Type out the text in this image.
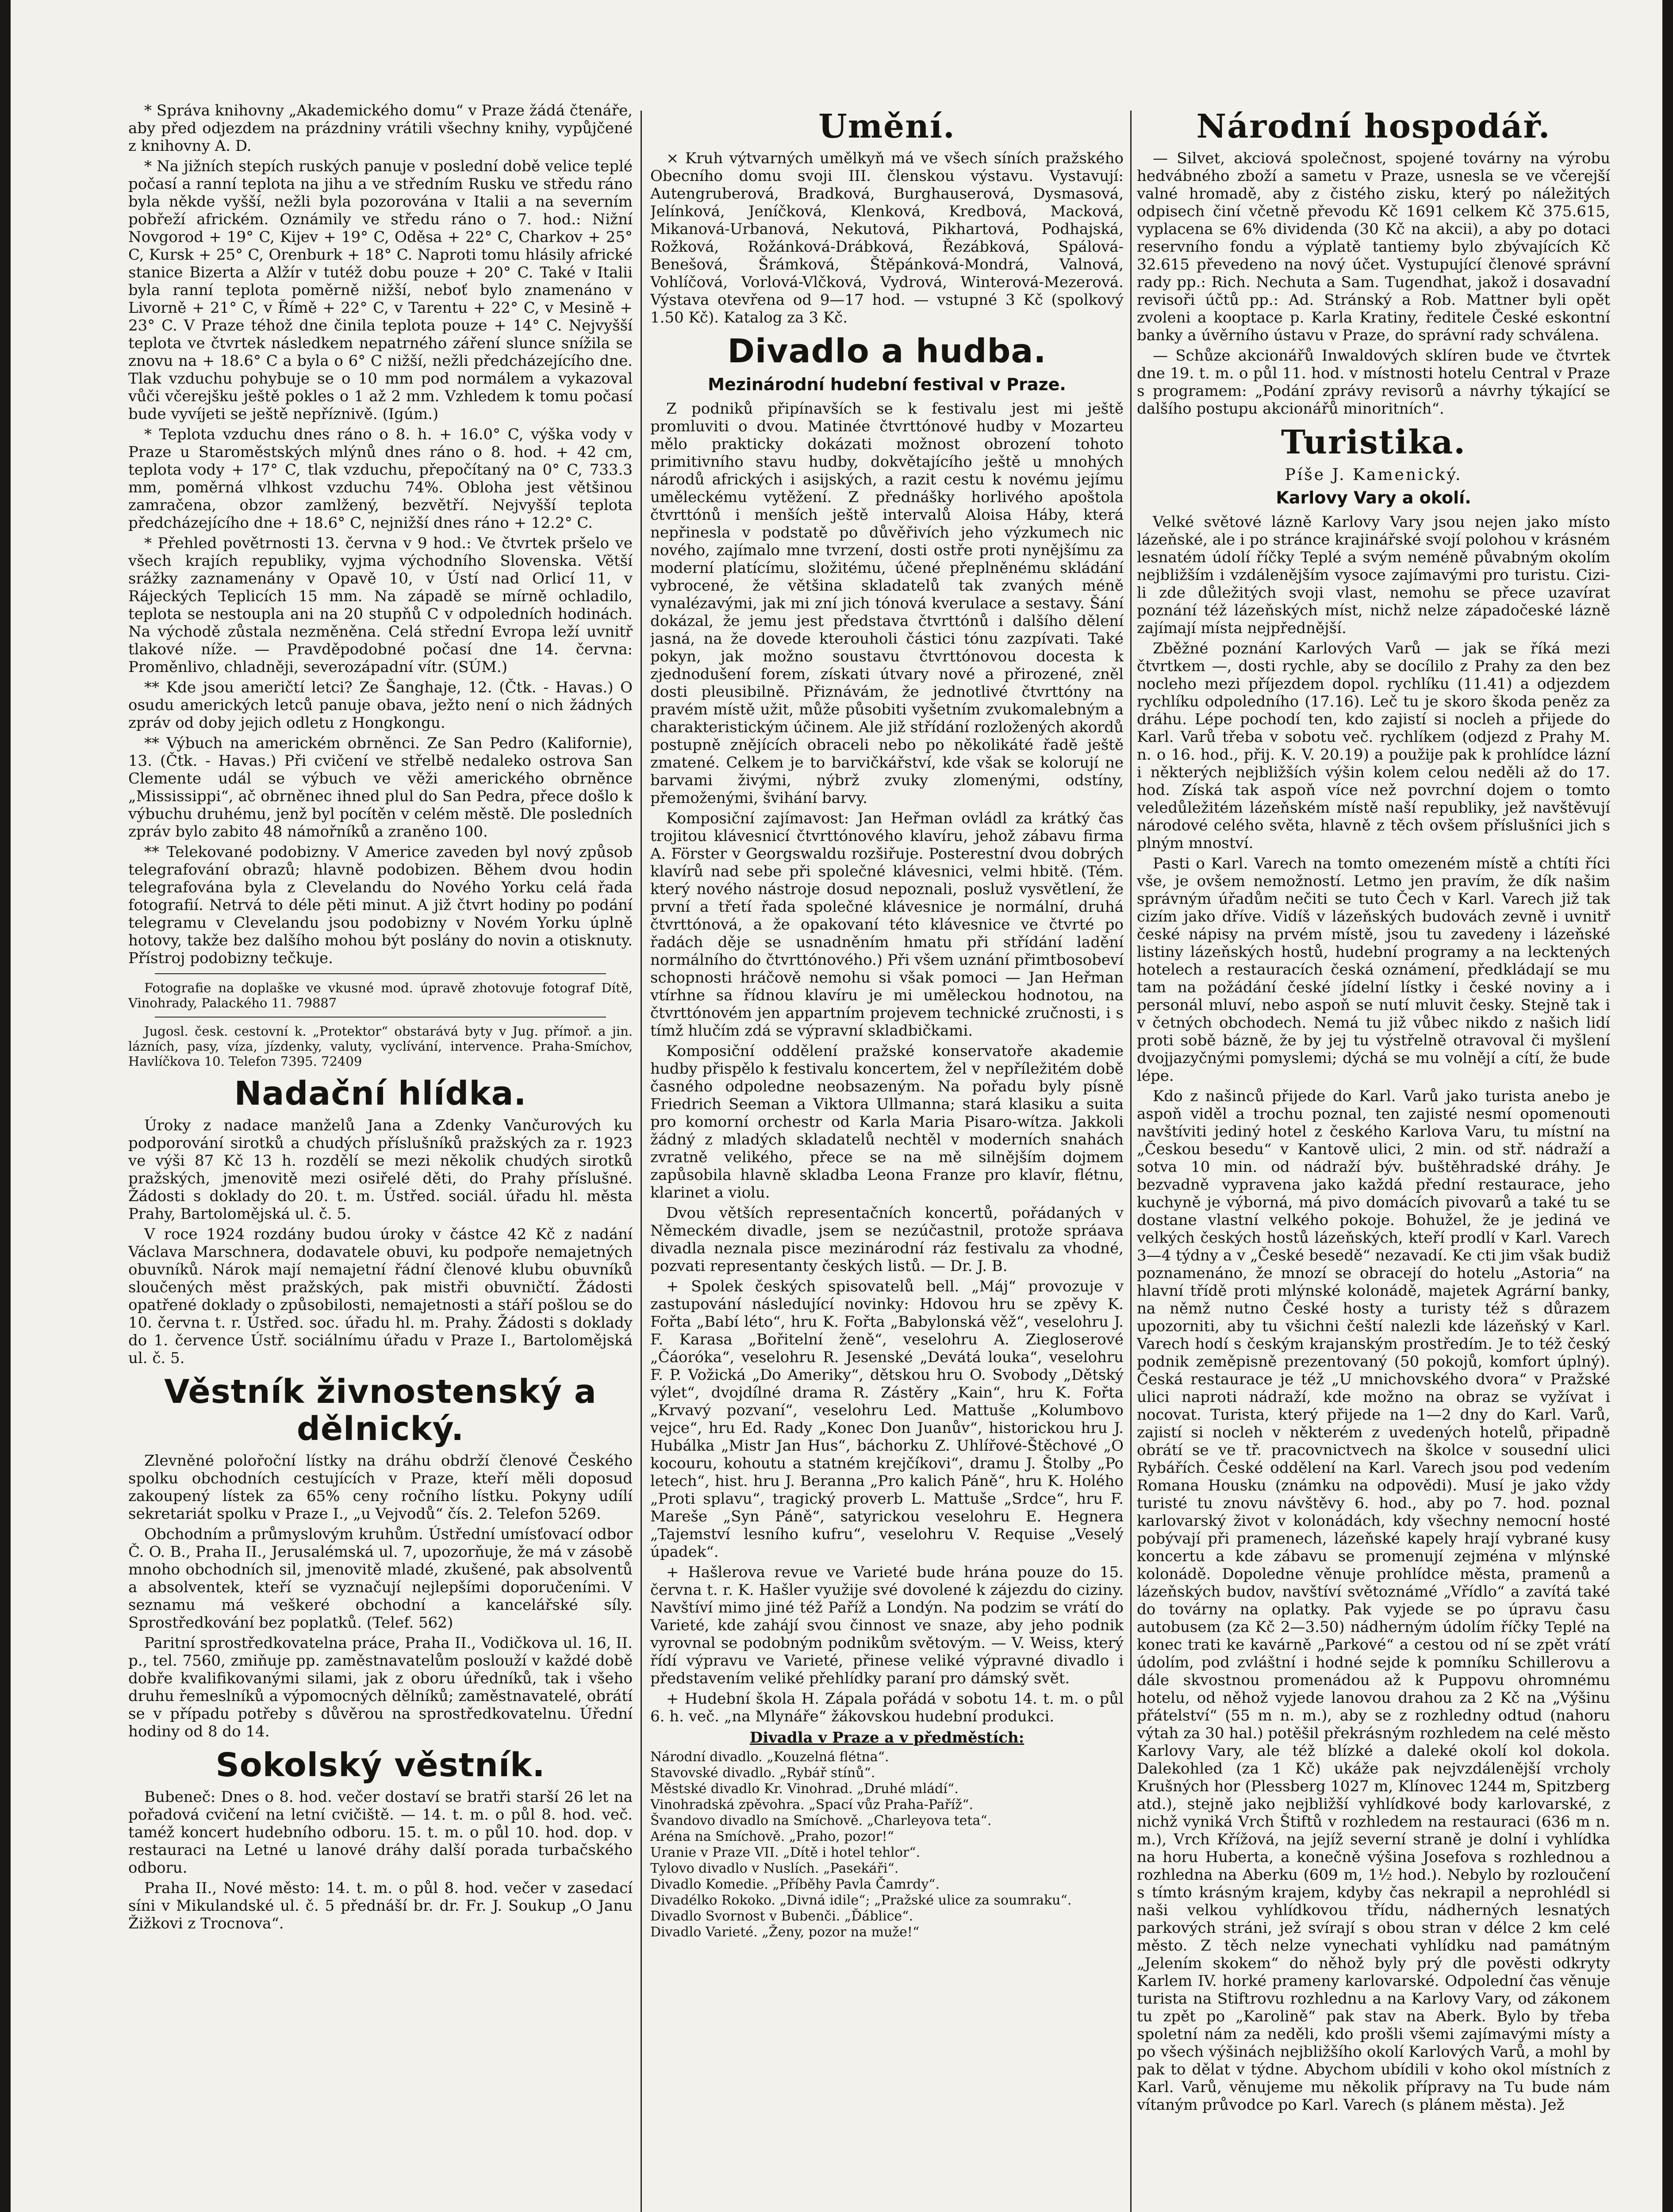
* Správa knihovny „Akademického domu“ v Praze žádá čtenáře, aby před odjezdem na prázdniny vrátili všechny knihy, vypůjčené z knihovny A. D.

* Na jižních stepích ruských panuje v poslední době velice teplé počasí a ranní teplota na jihu a ve středním Rusku ve středu ráno byla někde vyšší, nežli byla pozorována v Italii a na severním pobřeží africkém. Oznámily ve středu ráno o 7. hod.: Nižní Novgorod + 19° C, Kijev + 19° C, Oděsa + 22° C, Charkov + 25° C, Kursk + 25° C, Orenburk + 18° C. Naproti tomu hlásily africké stanice Bizerta a Alžír v tutéž dobu pouze + 20° C. Také v Italii byla ranní teplota poměrně nižší, neboť bylo znamenáno v Livorně + 21° C, v Římě + 22° C, v Tarentu + 22° C, v Mesině + 23° C. V Praze téhož dne činila teplota pouze + 14° C. Nejvyšší teplota ve čtvrtek následkem nepatrného záření slunce snížila se znovu na + 18.6° C a byla o 6° C nižší, nežli předcházejícího dne. Tlak vzduchu pohybuje se o 10 mm pod normálem a vykazoval vůči včerejšku ještě pokles o 1 až 2 mm. Vzhledem k tomu počasí bude vyvíjeti se ještě nepříznivě. (Igúm.)

* Teplota vzduchu dnes ráno o 8. h. + 16.0° C, výška vody v Praze u Staroměstských mlýnů dnes ráno o 8. hod. + 42 cm, teplota vody + 17° C, tlak vzduchu, přepočítaný na 0° C, 733.3 mm, poměrná vlhkost vzduchu 74%. Obloha jest většinou zamračena, obzor zamlžený, bezvětří. Nejvyšší teplota předcházejícího dne + 18.6° C, nejnižší dnes ráno + 12.2° C.

* Přehled povětrnosti 13. června v 9 hod.: Ve čtvrtek pršelo ve všech krajích republiky, vyjma východního Slovenska. Větší srážky zaznamenány v Opavě 10, v Ústí nad Orlicí 11, v Rájeckých Teplicích 15 mm. Na západě se mírně ochladilo, teplota se nestoupla ani na 20 stupňů C v odpoledních hodinách. Na východě zůstala nezměněna. Celá střední Evropa leží uvnitř tlakové níže. — Pravděpodobné počasí dne 14. června: Proměnlivo, chladněji, severozápadní vítr. (SÚM.)

** Kde jsou američtí letci? Ze Šanghaje, 12. (Čtk. - Havas.) O osudu amerických letců panuje obava, ježto není o nich žádných zpráv od doby jejich odletu z Hongkongu.

** Výbuch na americkém obrněnci. Ze San Pedro (Kalifornie), 13. (Čtk. - Havas.) Při cvičení ve střelbě nedaleko ostrova San Clemente udál se výbuch ve věži amerického obrněnce „Mississippi“, ač obrněnec ihned plul do San Pedra, přece došlo k výbuchu druhému, jenž byl pocítěn v celém městě. Dle posledních zpráv bylo zabito 48 námořníků a zraněno 100.

** Telekované podobizny. V Americe zaveden byl nový způsob telegrafování obrazů; hlavně podobizen. Během dvou hodin telegrafována byla z Clevelandu do Nového Yorku celá řada fotografií. Netrvá to déle pěti minut. A již čtvrt hodiny po podání telegramu v Clevelandu jsou podobizny v Novém Yorku úplně hotovy, takže bez dalšího mohou být poslány do novin a otisknuty. Přístroj podobizny tečkuje.

Fotografie na doplaške ve vkusné mod. úpravě zhotovuje fotograf Dítě, Vinohrady, Palackého 11. 79887

Jugosl. česk. cestovní k. „Protektor“ obstarává byty v Jug. přímoř. a jin. lázních, pasy, víza, jízdenky, valuty, vyclívání, intervence. Praha-Smíchov, Havlíčkova 10. Telefon 7395. 72409

Nadační hlídka.

Úroky z nadace manželů Jana a Zdenky Vančurových ku podporování sirotků a chudých příslušníků pražských za r. 1923 ve výši 87 Kč 13 h. rozdělí se mezi několik chudých sirotků pražských, jmenovitě mezi osiřelé děti, do Prahy příslušné. Žádosti s doklady do 20. t. m. Ústřed. sociál. úřadu hl. města Prahy, Bartolomějská ul. č. 5.

V roce 1924 rozdány budou úroky v částce 42 Kč z nadání Václava Marschnera, dodavatele obuvi, ku podpoře nemajetných obuvníků. Nárok mají nemajetní řádní členové klubu obuvníků sloučených měst pražských, pak mistři obuvničtí. Žádosti opatřené doklady o způsobilosti, nemajetnosti a stáří pošlou se do 10. června t. r. Ústřed. soc. úřadu hl. m. Prahy. Žádosti s doklady do 1. července Ústř. sociálnímu úřadu v Praze I., Bartolomějská ul. č. 5.

Věstník živnostenský a dělnický.

Zlevněné polořoční lístky na dráhu obdrží členové Českého spolku obchodních cestujících v Praze, kteří měli doposud zakoupený lístek za 65% ceny ročního lístku. Pokyny udílí sekretariát spolku v Praze I., „u Vejvodů“ čís. 2. Telefon 5269.

Obchodním a průmyslovým kruhům. Ústřední umísťovací odbor Č. O. B., Praha II., Jerusalémská ul. 7, upozorňuje, že má v zásobě mnoho obchodních sil, jmenovitě mladé, zkušené, pak absolventů a absolventek, kteří se vyznačují nejlepšími doporučeními. V seznamu má veškeré obchodní a kancelářské síly. Sprostředkování bez poplatků. (Telef. 562)

Paritní sprostředkovatelna práce, Praha II., Vodičkova ul. 16, II. p., tel. 7560, zmiňuje pp. zaměstnavatelům poslouží v každé době dobře kvalifikovanými silami, jak z oboru úředníků, tak i všeho druhu řemeslníků a výpomocných dělníků; zaměstnavatelé, obrátí se v případu potřeby s důvěrou na sprostředkovatelnu. Úřední hodiny od 8 do 14.

Sokolský věstník.

Bubeneč: Dnes o 8. hod. večer dostaví se bratři starší 26 let na pořadová cvičení na letní cvičiště. — 14. t. m. o půl 8. hod. več. taméž koncert hudebního odboru. 15. t. m. o půl 10. hod. dop. v restauraci na Letné u lanové dráhy další porada turbačského odboru.

Praha II., Nové město: 14. t. m. o půl 8. hod. večer v zasedací síni v Mikulandské ul. č. 5 přednáší br. dr. Fr. J. Soukup „O Janu Žižkovi z Trocnova“.

Umění.

× Kruh výtvarných umělkyň má ve všech síních pražského Obecního domu svoji III. členskou výstavu. Vystavují: Autengruberová, Bradková, Burghauserová, Dysmasová, Jelínková, Jeníčková, Klenková, Kredbová, Macková, Mikanová-Urbanová, Nekutová, Pikhartová, Podhajská, Rožková, Rožánková-Drábková, Řezábková, Spálová-Benešová, Šrámková, Štěpánková-Mondrá, Valnová, Vohlíčová, Vorlová-Vlčková, Vydrová, Winterová-Mezerová. Výstava otevřena od 9—17 hod. — vstupné 3 Kč (spolkový 1.50 Kč). Katalog za 3 Kč.

Divadlo a hudba.
Mezinárodní hudební festival v Praze.

Z podniků připínavších se k festivalu jest mi ještě promluviti o dvou. Matinée čtvrttónové hudby v Mozarteu mělo prakticky dokázati možnost obrození tohoto primitivního stavu hudby, dokvětajícího ještě u mnohých národů afrických i asijských, a razit cestu k novému jejímu uměleckému vytěžení. Z přednášky horlivého apoštola čtvrttónů i menších ještě intervalů Aloisa Háby, která nepřinesla v podstatě po důvěřivích jeho výzkumech nic nového, zajímalo mne tvrzení, dosti ostře proti nynějšímu za moderní platícímu, složitému, účené přeplněnému skládání vybrocené, že většina skladatelů tak zvaných méně vynalézavými, jak mi zní jich tónová kverulace a sestavy. Šání dokázal, že jemu jest představa čtvrttónů i dalšího dělení jasná, na že dovede kterouholi částici tónu zazpívati. Také pokyn, jak možno soustavu čtvrttónovou docesta k zjednodušení forem, získati útvary nové a přirozené, zněl dosti pleusibilně. Přiznávám, že jednotlivé čtvrttóny na pravém místě užit, může působiti vyšetním zvukomalebným a charakteristickým účinem. Ale již střídání rozložených akordů postupně znějících obraceli nebo po několikáté řadě ještě zmatené. Celkem je to barvičkářství, kde však se kolorují ne barvami živými, nýbrž zvuky zlomenými, odstíny, přemoženými, švihání barvy.

Komposiční zajímavost: Jan Heřman ovládl za krátký čas trojitou klávesnicí čtvrttónového klavíru, jehož zábavu firma A. Förster v Georgswaldu rozšiřuje. Posterestní dvou dobrých klavírů nad sebe při společné klávesnici, velmi hbitě. (Tém. který nového nástroje dosud nepoznali, posluž vysvětlení, že první a třetí řada společné klávesnice je normální, druhá čtvrttónová, a že opakovaní této klávesnice ve čtvrté po řadách děje se usnadněním hmatu při střídání ladění normálního do čtvrttónového.) Při všem uznání přimtbosobeví schopnosti hráčově nemohu si však pomoci — Jan Heřman vtírhne sa řídnou klavíru je mi uměleckou hodnotou, na čtvrttónovém jen appartním projevem technické zručnosti, i s tímž hlučím zdá se výpravní skladbičkami.

Komposiční oddělení pražské konservatoře akademie hudby přispělo k festivalu koncertem, žel v nepříležitém době časného odpoledne neobsazeným. Na pořadu byly písně Friedrich Seeman a Viktora Ullmanna; stará klasiku a suita pro komorní orchestr od Karla Maria Pisaro-wítza. Jakkoli žádný z mladých skladatelů nechtěl v moderních snahách zvratně velikého, přece se na mě silnějším dojmem zapůsobila hlavně skladba Leona Franze pro klavír, flétnu, klarinet a violu.

Dvou větších representačních koncertů, pořádaných v Německém divadle, jsem se nezúčastnil, protože spráava divadla neznala pisce mezinárodní ráz festivalu za vhodné, pozvati representanty českých listů. — Dr. J. B.

+ Spolek českých spisovatelů bell. „Máj“ provozuje v zastupování následující novinky: Hdovou hru se zpěvy K. Fořta „Babí léto“, hru K. Fořta „Babylonská věž“, veselohru J. F. Karasa „Bořitelní ženě“, veselohru A. Ziegloserové „Čáoróka“, veselohru R. Jesenské „Devátá louka“, veselohru F. P. Vožická „Do Ameriky“, dětskou hru O. Svobody „Dětský výlet“, dvojdílné drama R. Zástěry „Kain“, hru K. Fořta „Krvavý pozvaní“, veselohru Led. Mattuše „Kolumbovo vejce“, hru Ed. Rady „Konec Don Juanův“, historickou hru J. Hubálka „Mistr Jan Hus“, báchorku Z. Uhlířové-Štěchové „O kocouru, kohoutu a statném krejčíkovi“, dramu J. Štolby „Po letech“, hist. hru J. Beranna „Pro kalich Páně“, hru K. Holého „Proti splavu“, tragický proverb L. Mattuše „Srdce“, hru F. Mareše „Syn Páně“, satyrickou veselohru E. Hegnera „Tajemství lesního kufru“, veselohru V. Requise „Veselý úpadek“.

+ Hašlerova revue ve Varieté bude hrána pouze do 15. června t. r. K. Hašler využije své dovolené k zájezdu do ciziny. Navštíví mimo jiné též Paříž a Londýn. Na podzim se vrátí do Varieté, kde zahájí svou činnost ve snaze, aby jeho podnik vyrovnal se podobným podnikům světovým. — V. Weiss, který řídí výpravu ve Varieté, přinese veliké výpravné divadlo i představením veliké přehlídky paraní pro dámský svět.

+ Hudební škola H. Zápala pořádá v sobotu 14. t. m. o půl 6. h. več. „na Mlynáře“ žákovskou hudební produkci.

Divadla v Praze a v předměstích:

Národní divadlo. „Kouzelná flétna“.

Stavovské divadlo. „Rybář stínů“.

Městské divadlo Kr. Vinohrad. „Druhé mládí“.

Vinohradská zpěvohra. „Spací vůz Praha-Paříž“.

Švandovo divadlo na Smíchově. „Charleyova teta“.

Aréna na Smíchově. „Praho, pozor!“

Uranie v Praze VII. „Dítě i hotel tehlor“.

Tylovo divadlo v Nuslích. „Pasekáři“.

Divadlo Komedie. „Příběhy Pavla Čamrdy“.

Divadélko Rokoko. „Divná idile“; „Pražské ulice za soumraku“.

Divadlo Svornost v Bubenči. „Ďáblice“.

Divadlo Varieté. „Ženy, pozor na muže!“

Národní hospodář.

— Silvet, akciová společnost, spojené továrny na výrobu hedvábného zboží a sametu v Praze, usnesla se ve včerejší valné hromadě, aby z čistého zisku, který po náležitých odpisech činí včetně převodu Kč 1691 celkem Kč 375.615, vyplacena se 6% dividenda (30 Kč na akcii), a aby po dotaci reservního fondu a výplatě tantiemy bylo zbývajících Kč 32.615 převedeno na nový účet. Vystupující členové správní rady pp.: Rich. Nechuta a Sam. Tugendhat, jakož i dosavadní revisoři účtů pp.: Ad. Stránský a Rob. Mattner byli opět zvoleni a kooptace p. Karla Kratiny, ředitele České eskontní banky a úvěrního ústavu v Praze, do správní rady schválena.

— Schůze akcionářů Inwaldových sklíren bude ve čtvrtek dne 19. t. m. o půl 11. hod. v místnosti hotelu Central v Praze s programem: „Podání zprávy revisorů a návrhy týkající se dalšího postupu akcionářů minoritních“.

Turistika.
Píše J. Kamenický.
Karlovy Vary a okolí.

Velké světové lázně Karlovy Vary jsou nejen jako místo lázeňské, ale i po stránce krajinářské svojí polohou v krásném lesnatém údolí říčky Teplé a svým neméně půvabným okolím nejbližším i vzdálenějším vysoce zajímavými pro turistu. Cizi-li zde důležitých svoji vlast, nemohu se přece uzavírat poznání též lázeňských míst, nichž nelze západočeské lázně zajímají místa nejpřednější.

Zběžné poznání Karlových Varů — jak se říká mezi čtvrtkem —, dosti rychle, aby se docílilo z Prahy za den bez nocleho mezi příjezdem dopol. rychlíku (11.41) a odjezdem rychlíku odpoledního (17.16). Leč tu je skoro škoda peněz za dráhu. Lépe pochodí ten, kdo zajistí si nocleh a přijede do Karl. Varů třeba v sobotu več. rychlíkem (odjezd z Prahy M. n. o 16. hod., přij. K. V. 20.19) a použije pak k prohlídce lázní i některých nejbližších výšin kolem celou neděli až do 17. hod. Získá tak aspoň více než povrchní dojem o tomto veledůležitém lázeňském místě naší republiky, jež navštěvují národové celého světa, hlavně z těch ovšem příslušníci jich s plným mnoství.

Pasti o Karl. Varech na tomto omezeném místě a chtíti říci vše, je ovšem nemožností. Letmo jen pravím, že dík našim správným úřadům nečiti se tuto Čech v Karl. Varech již tak cizím jako dříve. Vidíš v lázeňských budovách zevně i uvnitř české nápisy na prvém místě, jsou tu zavedeny i lázeňské listiny lázeňských hostů, hudební programy a na lecktených hotelech a restauracích česká oznámení, předkládají se mu tam na požádání české jídelní lístky i české noviny a i personál mluví, nebo aspoň se nutí mluvit česky. Stejně tak i v četných obchodech. Nemá tu již vůbec nikdo z našich lidí proti sobě bázně, že by jej tu výstřelně otravoval či myšlení dvojjazyčnými pomyslemi; dýchá se mu volnějí a cítí, že bude lépe.

Kdo z našinců přijede do Karl. Varů jako turista anebo je aspoň viděl a trochu poznal, ten zajisté nesmí opomenouti navštíviti jediný hotel z českého Karlova Varu, tu místní na „Českou besedu“ v Kantově ulici, 2 min. od stř. nádraží a sotva 10 min. od nádraží býv. buštěhradské dráhy. Je bezvadně vypravena jako každá přední restaurace, jeho kuchyně je výborná, má pivo domácích pivovarů a také tu se dostane vlastní velkého pokoje. Bohužel, že je jediná ve velkých českých hostů lázeňských, kteří prodlí v Karl. Varech 3—4 týdny a v „České besedě“ nezavadí. Ke cti jim však budiž poznamenáno, že mnozí se obracejí do hotelu „Astoria“ na hlavní třídě proti mlýnské kolonádě, majetek Agrární banky, na němž nutno České hosty a turisty též s důrazem upozorniti, aby tu všichni čeští nalezli kde lázeňský v Karl. Varech hodí s českým krajanským prostředím. Je to též český podnik zeměpisně prezentovaný (50 pokojů, komfort úplný). Česká restaurace je též „U mnichovského dvora“ v Pražské ulici naproti nádraží, kde možno na obraz se vyžívat i nocovat. Turista, který přijede na 1—2 dny do Karl. Varů, zajistí si nocleh v některém z uvedených hotelů, připadně obrátí se ve tř. pracovnictvech na školce v sousední ulici Rybářích. České oddělení na Karl. Varech jsou pod vedením Romana Housku (známku na odpovědi). Musí je jako vždy turisté tu znovu návštěvy 6. hod., aby po 7. hod. poznal karlovarský život v kolonádách, kdy všechny nemocní hosté pobývají při pramenech, lázeňské kapely hrají vybrané kusy koncertu a kde zábavu se promenují zejména v mlýnské kolonádě. Dopoledne věnuje prohlídce města, pramenů a lázeňských budov, navštíví světoznámé „Vřídlo“ a zavítá také do továrny na oplatky. Pak vyjede se po úpravu času autobusem (za Kč 2—3.50) nádherným údolím říčky Teplé na konec trati ke kavárně „Parkové“ a cestou od ní se zpět vrátí údolím, pod zvláštní i hodné sejde k pomníku Schillerovu a dále skvostnou promenádou až k Puppovu ohromnému hotelu, od něhož vyjede lanovou drahou za 2 Kč na „Výšinu přátelství“ (55 m n. m.), aby se z rozhledny odtud (nahoru výtah za 30 hal.) potěšil překrásným rozhledem na celé město Karlovy Vary, ale též blízké a daleké okolí kol dokola. Dalekohled (za 1 Kč) ukáže pak nejvzdálenější vrcholy Krušných hor (Plessberg 1027 m, Klínovec 1244 m, Spitzberg atd.), stejně jako nejbližší vyhlídkové body karlovarské, z nichž vyniká Vrch Štiftů v rozhledem na restauraci (636 m n. m.), Vrch Křížová, na jejíž severní straně je dolní i vyhlídka na horu Huberta, a konečně výšina Josefova s rozhlednou a rozhledna na Aberku (609 m, 1½ hod.). Nebylo by rozloučení s tímto krásným krajem, kdyby čas nekrapil a neprohlédl si naši velkou vyhlídkovou třídu, nádherných lesnatých parkových stráni, jež svírají s obou stran v délce 2 km celé město. Z těch nelze vynechati vyhlídku nad památným „Jelením skokem“ do něhož byly prý dle pověsti odkryty Karlem IV. horké prameny karlovarské. Odpolední čas věnuje turista na Stiftrovu rozhlednu a na Karlovy Vary, od zákonem tu zpět po „Karolině“ pak stav na Aberk. Bylo by třeba spoletní nám za neděli, kdo prošli všemi zajímavými místy a po všech výšinách nejbližšího okolí Karlových Varů, a mohl by pak to dělat v týdne. Abychom ubídili v koho okol místních z Karl. Varů, věnujeme mu několik přípravy na Tu bude nám vítaným průvodce po Karl. Varech (s plánem města). Jež
